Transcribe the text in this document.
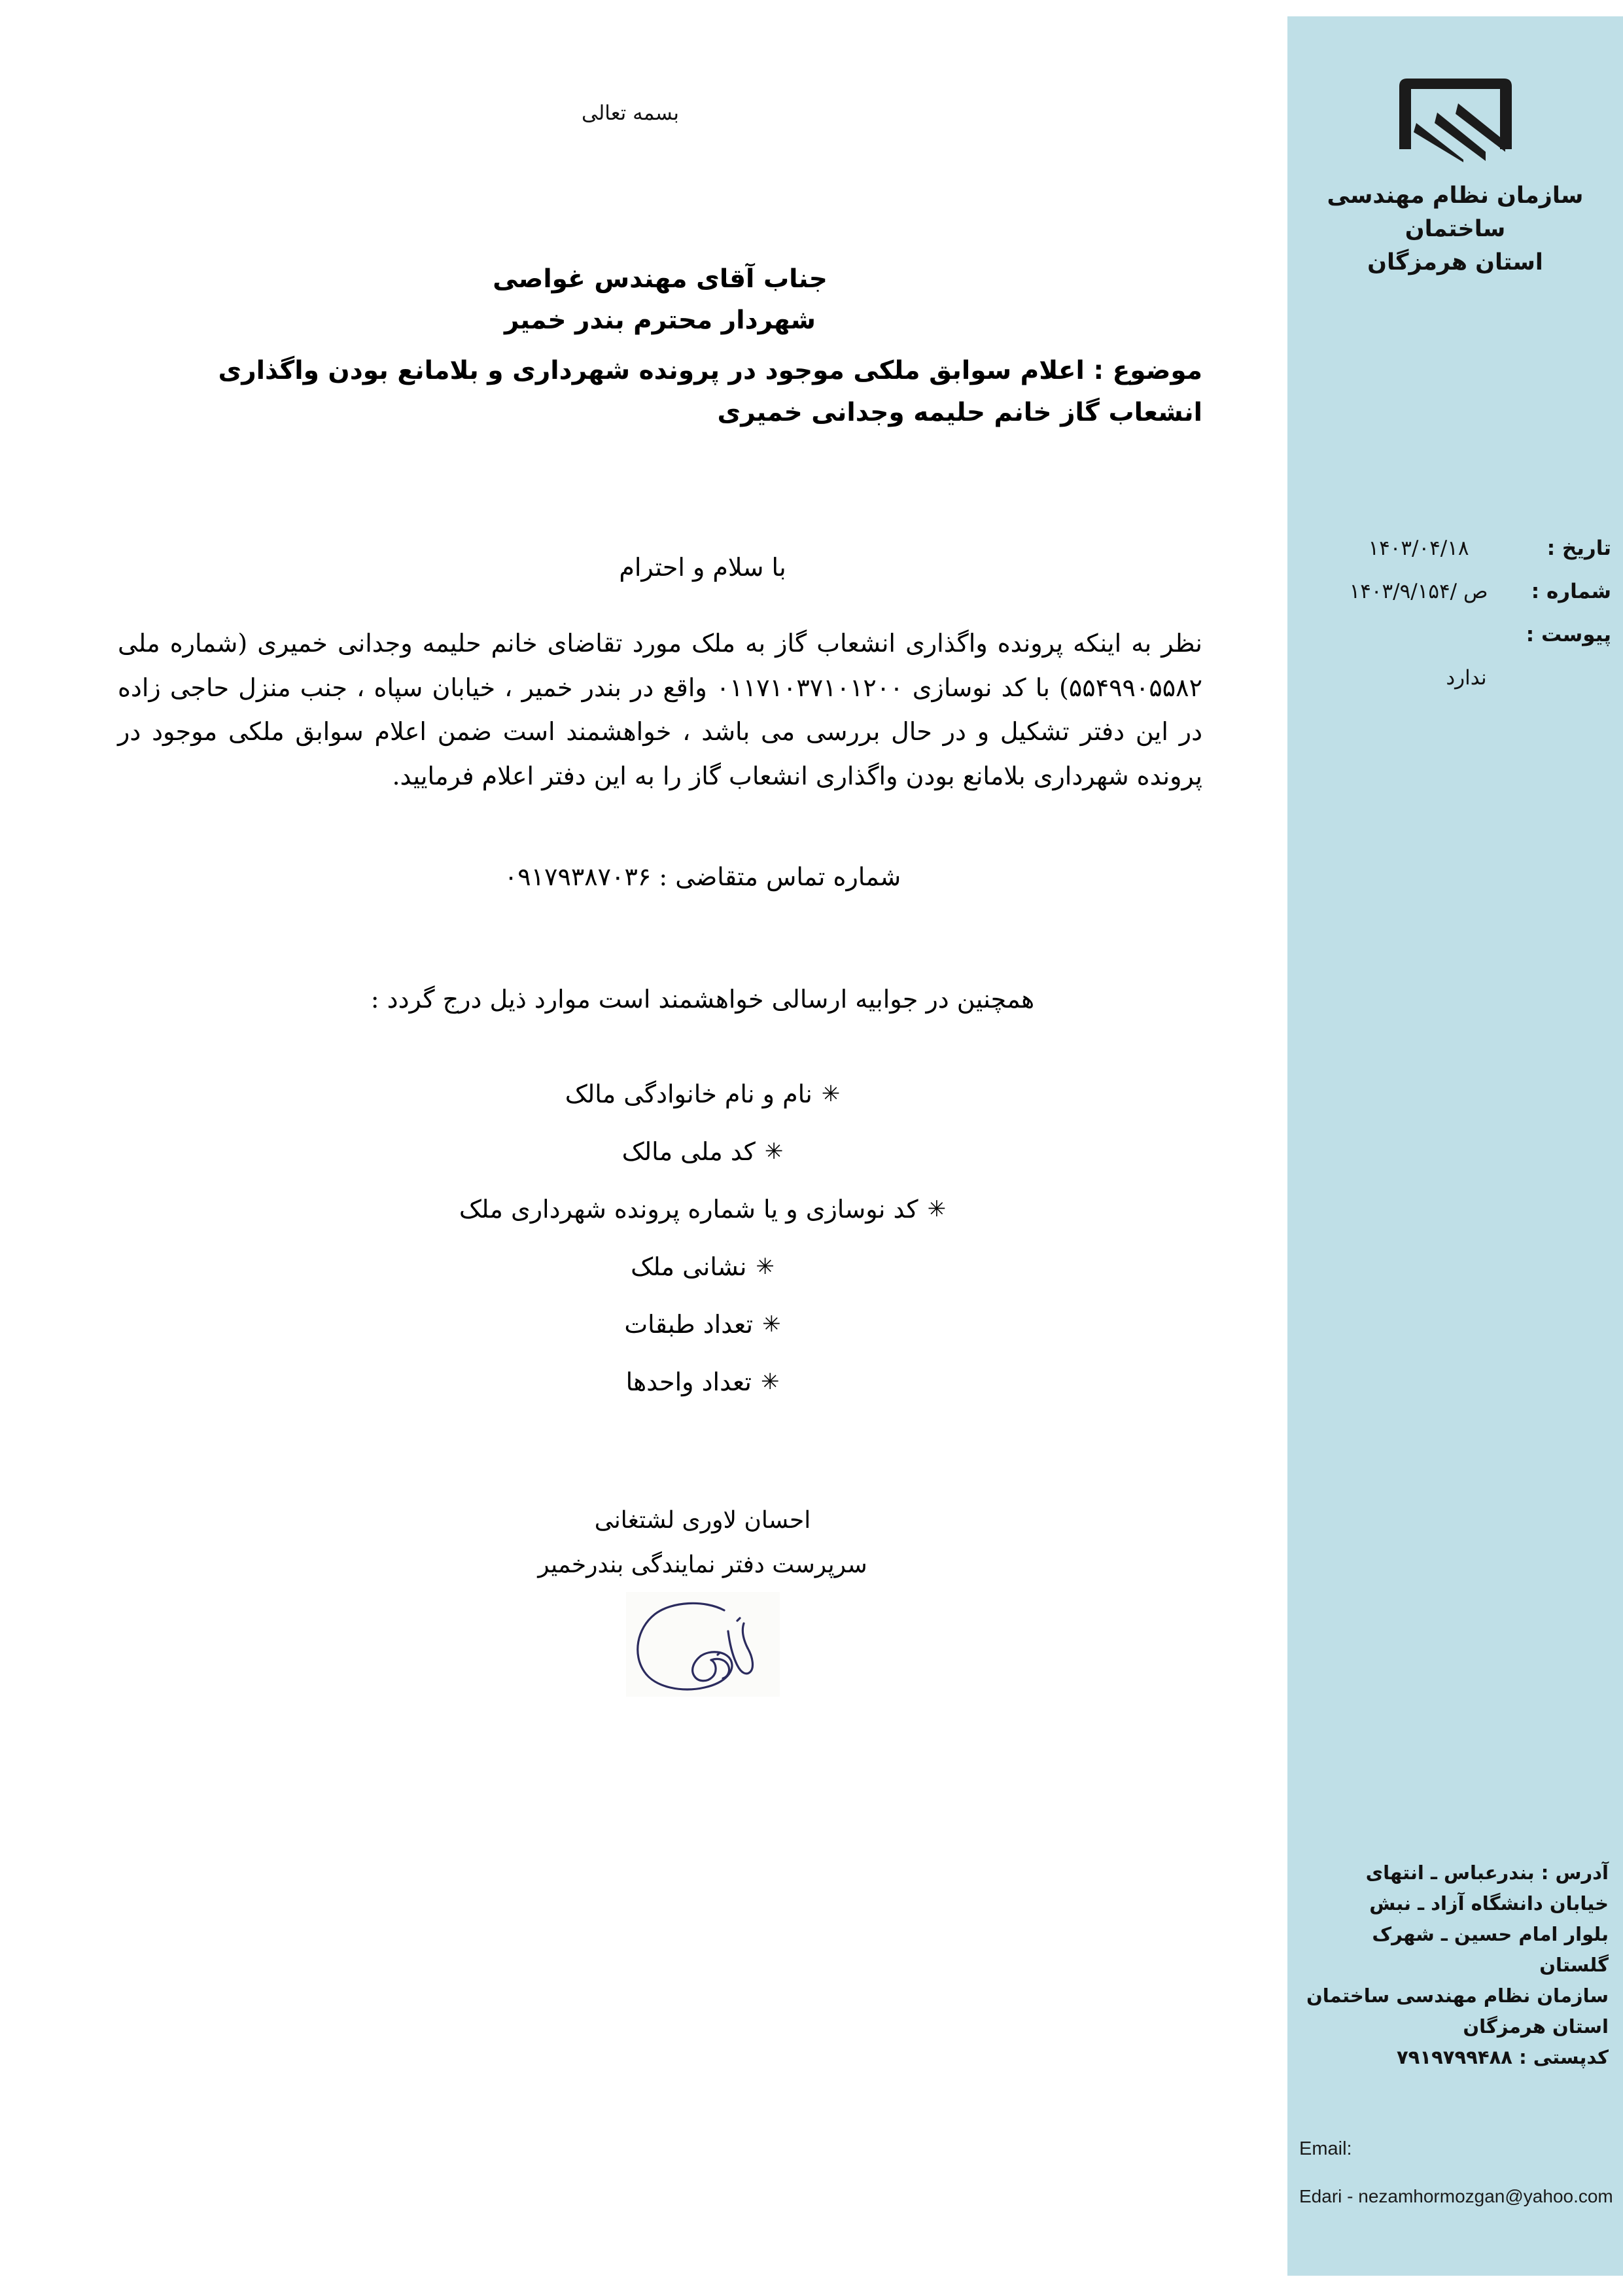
سازمان نظام مهندسی ساختمان
استان هرمزگان
تاریخ :
۱۴۰۳/۰۴/۱۸
شماره :
ص /۱۴۰۳/۹/۱۵۴
پیوست :
ندارد

آدرس : بندرعباس ـ انتهای

خیابان دانشگاه آزاد ـ نبش

بلوار امام حسین ـ شهرک

گلستان

سازمان نظام مهندسی ساختمان

استان هرمزگان

کدپستی : ۷۹۱۹۷۹۹۴۸۸

Email:
Edari - nezamhormozgan@yahoo.com
بسمه تعالی
جناب آقای مهندس غواصی
شهردار محترم بندر خمیر
موضوع : اعلام سوابق ملکی موجود در پرونده شهرداری و بلامانع بودن واگذاری انشعاب گاز خانم حلیمه وجدانی خمیری
با سلام و احترام
نظر به اینکه پرونده واگذاری انشعاب گاز به ملک مورد تقاضای خانم حلیمه وجدانی خمیری (شماره ملی ۵۵۴۹۹۰۵۵۸۲) با کد نوسازی ۰۱۱۷۱۰۳۷۱۰۱۲۰۰ واقع در بندر خمیر ، خیابان سپاه ، جنب منزل حاجی زاده در این دفتر تشکیل و در حال بررسی می باشد ، خواهشمند است ضمن اعلام سوابق ملکی موجود در پرونده شهرداری بلامانع بودن واگذاری انشعاب گاز را به این دفتر اعلام فرمایید.
شماره تماس متقاضی : ۰۹۱۷۹۳۸۷۰۳۶
همچنین در جوابیه ارسالی خواهشمند است موارد ذیل درج گردد :
✳نام و نام خانوادگی مالک
✳کد ملی مالک
✳کد نوسازی و یا شماره پرونده شهرداری ملک
✳نشانی ملک
✳تعداد طبقات
✳تعداد واحدها
احسان لاوری لشتغانی
سرپرست دفتر نمایندگی بندرخمیر
